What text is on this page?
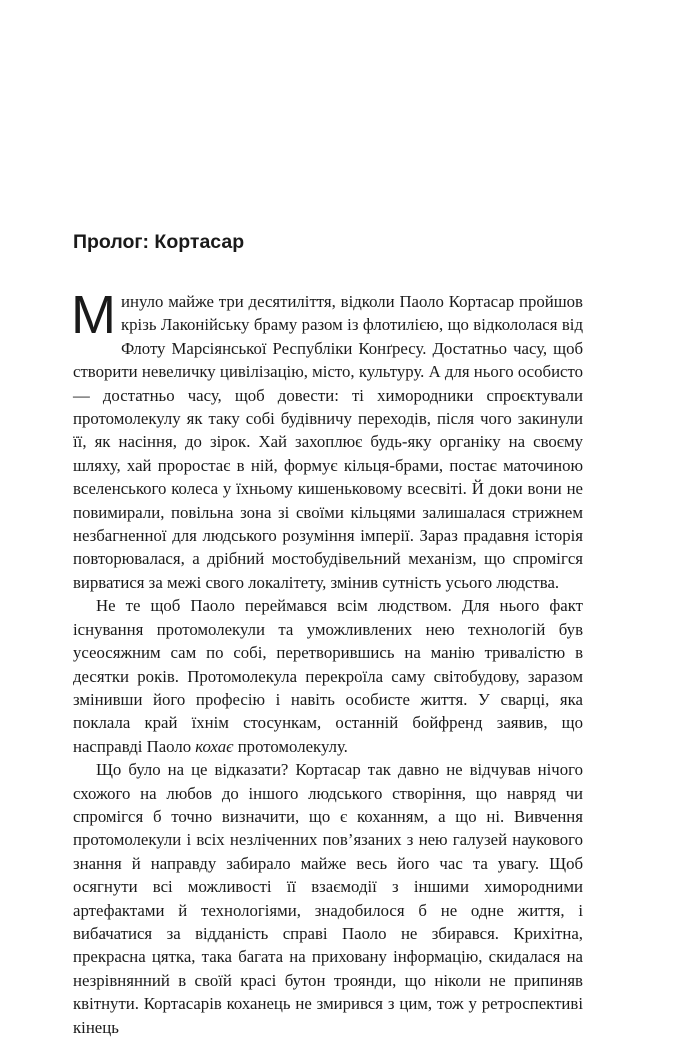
Пролог: Кортасар

Минуло майже три десятиліття, відколи Паоло Кортасар пройшов крізь Лаконійську браму разом із флотилією, що відкололася від Флоту Марсіянської Республіки Конґресу. Достатньо часу, щоб створити невеличку цивілізацію, місто, культуру. А для нього особисто — достатньо часу, щоб довести: ті химородники спроєктували протомолекулу як таку собі будівничу переходів, після чого закинули її, як насіння, до зірок. Хай захоплює будь-яку органіку на своєму шляху, хай проростає в ній, формує кільця-брами, постає маточиною вселенського колеса у їхньому кишеньковому всесвіті. Й доки вони не повимирали, повільна зона зі своїми кільцями залишалася стрижнем незбагненної для людського розуміння імперії. Зараз прадавня історія повторювалася, а дрібний мостобудівельний механізм, що спромігся вирватися за межі свого локалітету, змінив сутність усього людства.

Не те щоб Паоло переймався всім людством. Для нього факт існування протомолекули та уможливлених нею технологій був усеосяжним сам по собі, перетворившись на манію тривалістю в десятки років. Протомолекула перекроїла саму світобудову, заразом змінивши його професію і навіть особисте життя. У сварці, яка поклала край їхнім стосункам, останній бойфренд заявив, що насправді Паоло кохає протомолекулу.

Що було на це відказати? Кортасар так давно не відчував нічого схожого на любов до іншого людського створіння, що навряд чи спромігся б точно визначити, що є коханням, а що ні. Вивчення протомолекули і всіх незліченних пов’язаних з нею галузей наукового знання й направду забирало майже весь його час та увагу. Щоб осягнути всі можливості її взаємодії з іншими химородними артефактами й технологіями, знадобилося б не одне життя, і вибачатися за відданість справі Паоло не збирався. Крихітна, прекрасна цятка, така багата на приховану інформацію, скидалася на незрівнянний в своїй красі бутон троянди, що ніколи не припиняв квітнути. Кортасарів коханець не змирився з цим, тож у ретроспективі кінець
